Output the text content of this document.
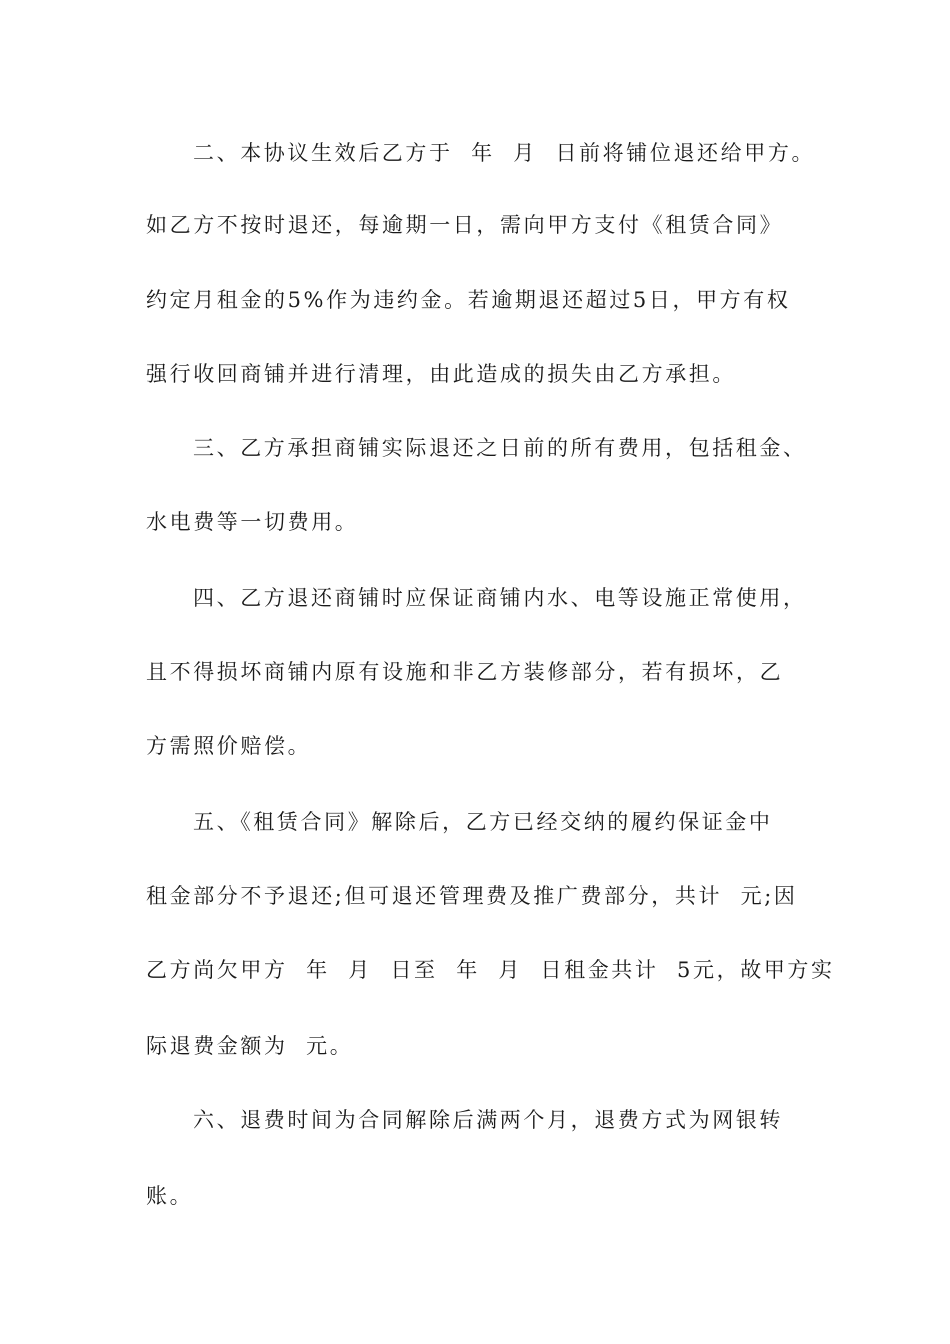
二、本协议生效后乙方于  年  月  日前将铺位退还给甲方。

如乙方不按时退还，每逾期一日，需向甲方支付《租赁合同》

约定月租金的5%作为违约金。若逾期退还超过5日，甲方有权

强行收回商铺并进行清理，由此造成的损失由乙方承担。

三、乙方承担商铺实际退还之日前的所有费用，包括租金、

水电费等一切费用。

四、乙方退还商铺时应保证商铺内水、电等设施正常使用，

且不得损坏商铺内原有设施和非乙方装修部分，若有损坏，乙

方需照价赔偿。

五、《租赁合同》解除后，乙方已经交纳的履约保证金中

租金部分不予退还;但可退还管理费及推广费部分，共计  元;因

乙方尚欠甲方  年  月  日至  年  月  日租金共计  5元，故甲方实

际退费金额为  元。

六、退费时间为合同解除后满两个月，退费方式为网银转

账。
